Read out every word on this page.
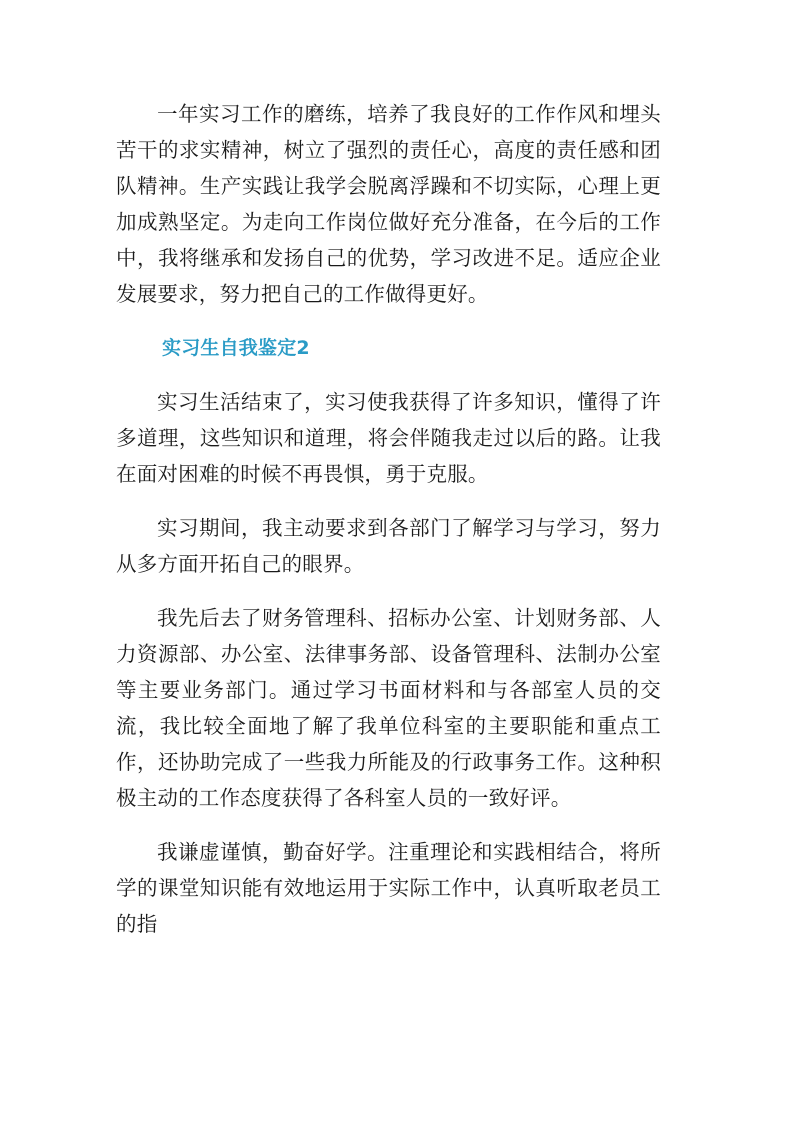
一年实习工作的磨练，培养了我良好的工作作风和埋头苦干的求实精神，树立了强烈的责任心，高度的责任感和团队精神。生产实践让我学会脱离浮躁和不切实际，心理上更加成熟坚定。为走向工作岗位做好充分准备，在今后的工作中，我将继承和发扬自己的优势，学习改进不足。适应企业发展要求，努力把自己的工作做得更好。

实习生自我鉴定2

实习生活结束了，实习使我获得了许多知识，懂得了许多道理，这些知识和道理，将会伴随我走过以后的路。让我在面对困难的时候不再畏惧，勇于克服。

实习期间，我主动要求到各部门了解学习与学习，努力从多方面开拓自己的眼界。

我先后去了财务管理科、招标办公室、计划财务部、人力资源部、办公室、法律事务部、设备管理科、法制办公室等主要业务部门。通过学习书面材料和与各部室人员的交流，我比较全面地了解了我单位科室的主要职能和重点工作，还协助完成了一些我力所能及的行政事务工作。这种积极主动的工作态度获得了各科室人员的一致好评。

我谦虚谨慎，勤奋好学。注重理论和实践相结合，将所学的课堂知识能有效地运用于实际工作中，认真听取老员工的指
